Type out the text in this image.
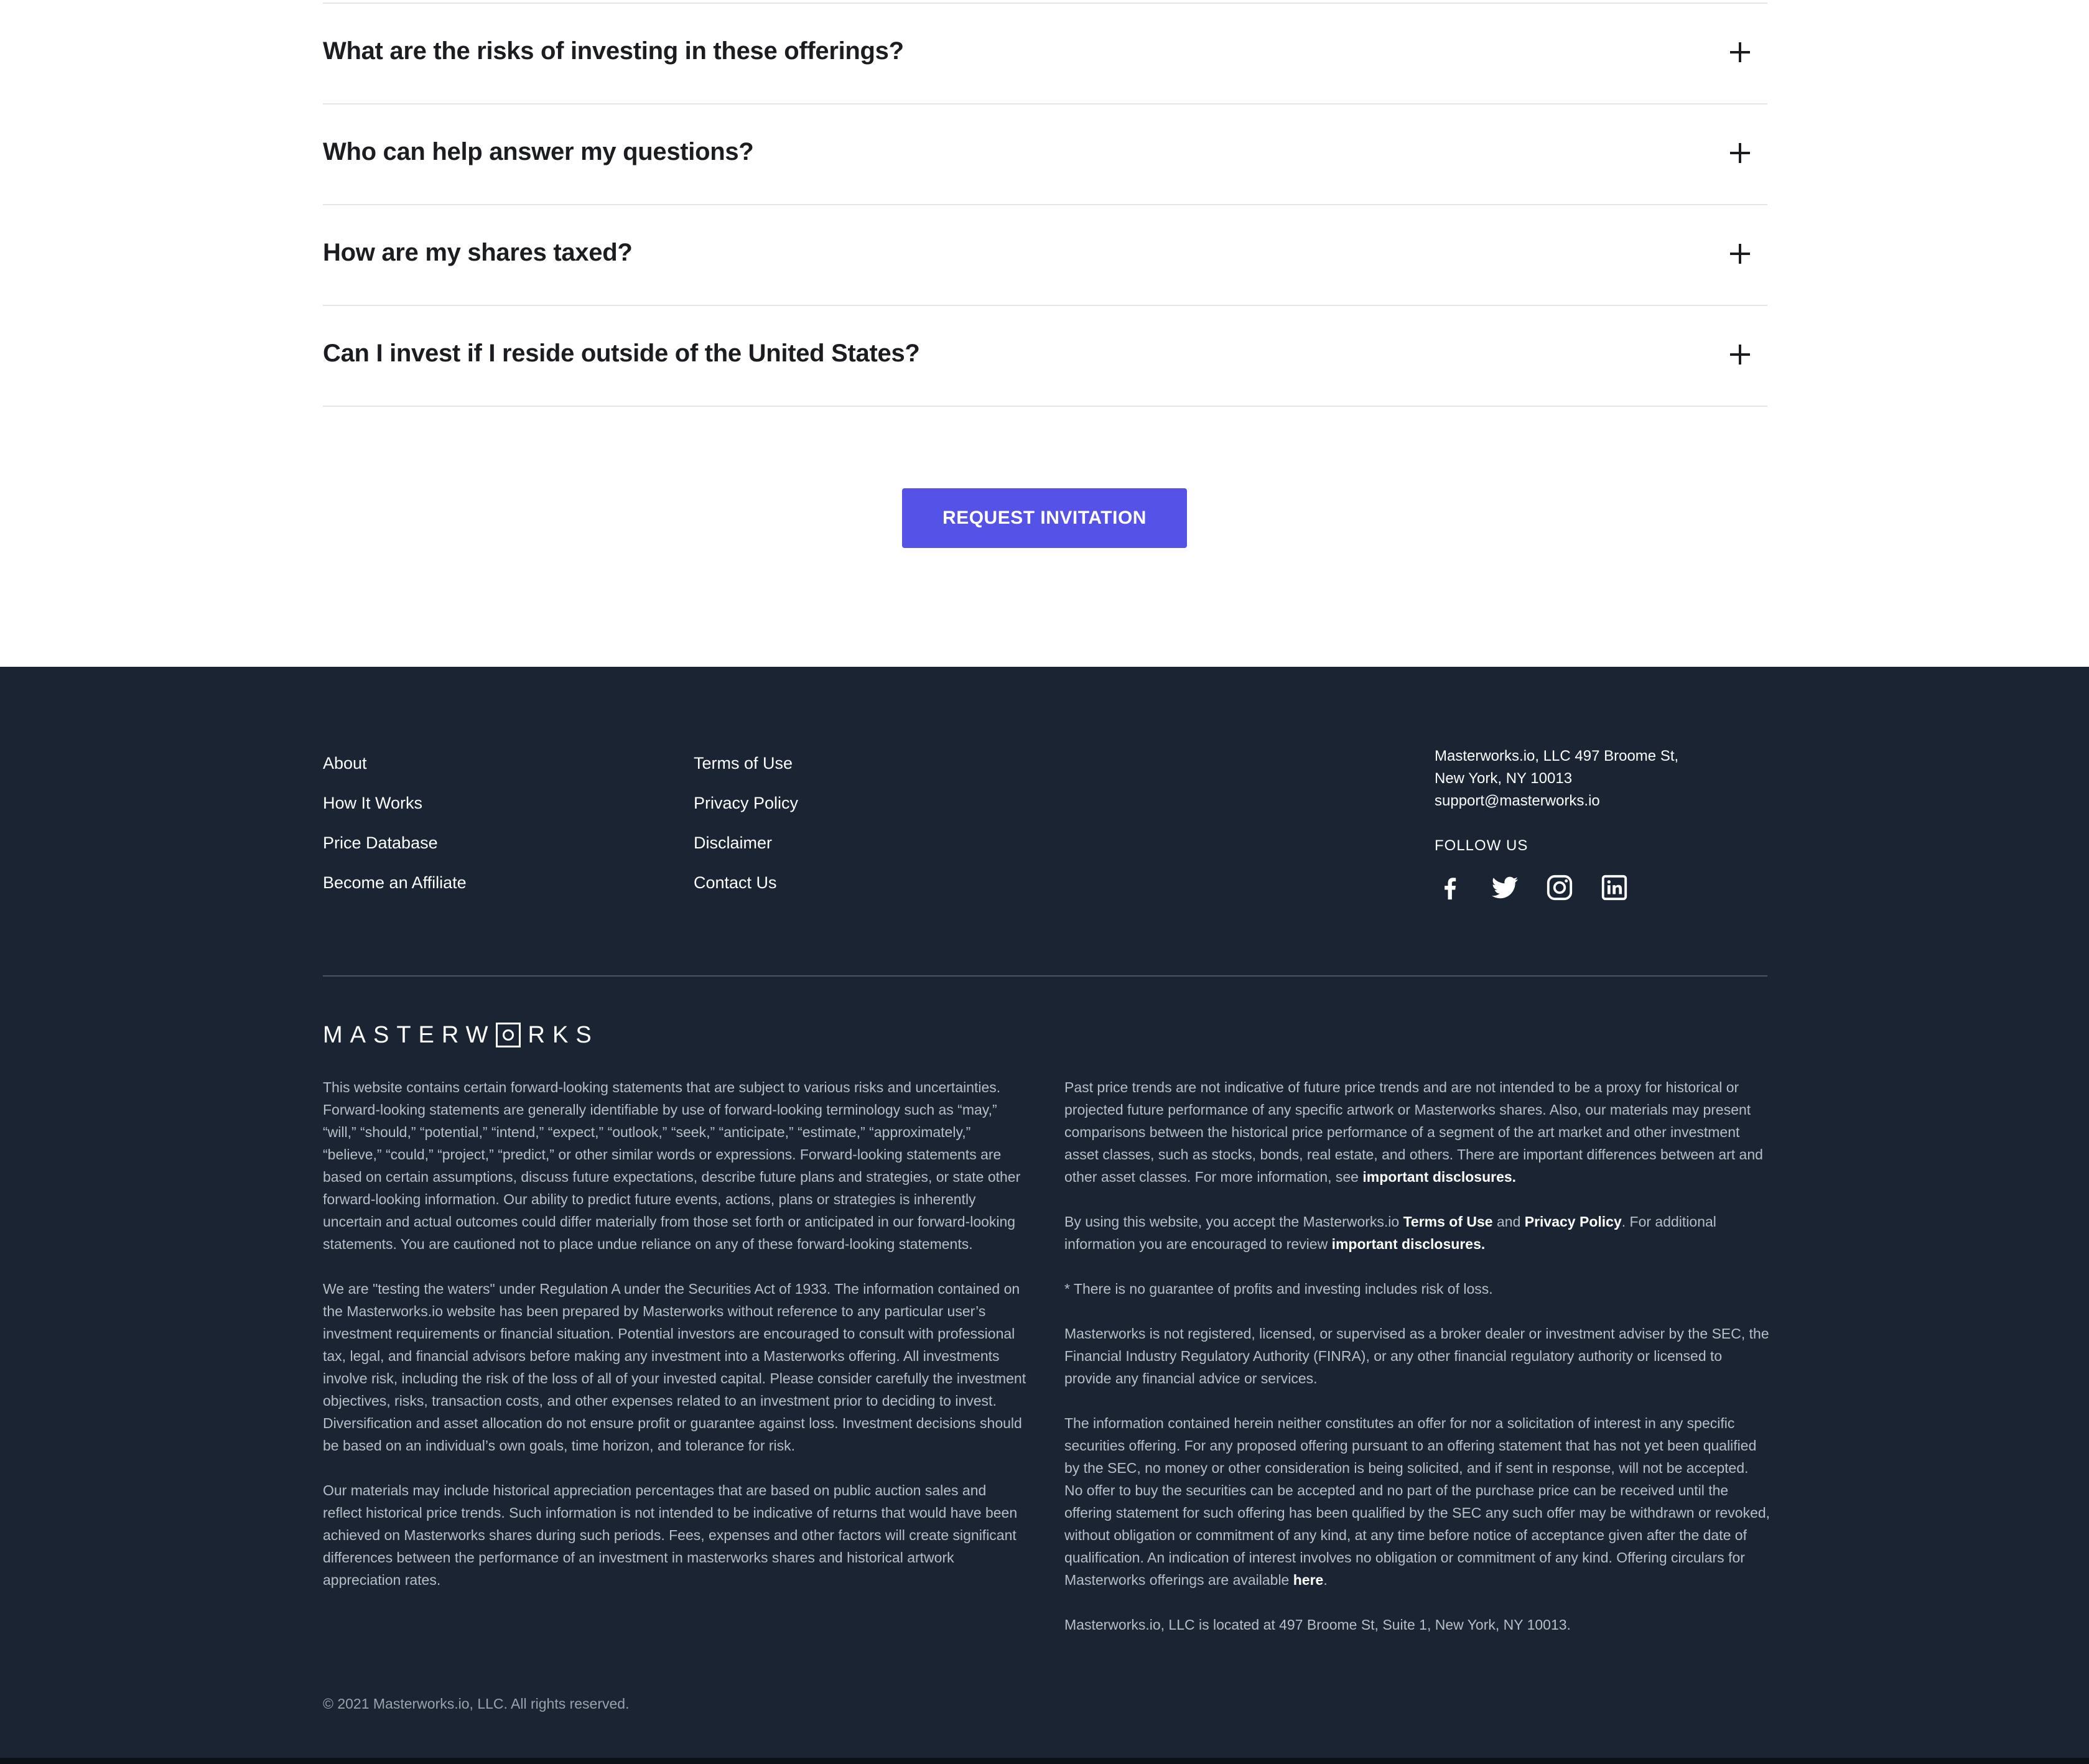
What are the risks of investing in these offerings?
Who can help answer my questions?
How are my shares taxed?
Can I invest if I reside outside of the United States?
REQUEST INVITATION
About
How It Works
Price Database
Become an Affiliate
Terms of Use
Privacy Policy
Disclaimer
Contact Us
Masterworks.io, LLC 497 Broome St,
New York, NY 10013
support@masterworks.io
FOLLOW US
MASTERW RKS

This website contains certain forward-looking statements that are subject to various risks and uncertainties. Forward-looking statements are generally identifiable by use of forward-looking terminology such as “may,” “will,” “should,” “potential,” “intend,” “expect,” “outlook,” “seek,” “anticipate,” “estimate,” “approximately,” “believe,” “could,” “project,” “predict,” or other similar words or expressions. Forward-looking statements are based on certain assumptions, discuss future expectations, describe future plans and strategies, or state other forward-looking information. Our ability to predict future events, actions, plans or strategies is inherently uncertain and actual outcomes could differ materially from those set forth or anticipated in our forward-looking statements. You are cautioned not to place undue reliance on any of these forward-looking statements.

We are "testing the waters" under Regulation A under the Securities Act of 1933. The information contained on the Masterworks.io website has been prepared by Masterworks without reference to any particular user’s investment requirements or financial situation. Potential investors are encouraged to consult with professional tax, legal, and financial advisors before making any investment into a Masterworks offering. All investments involve risk, including the risk of the loss of all of your invested capital. Please consider carefully the investment objectives, risks, transaction costs, and other expenses related to an investment prior to deciding to invest. Diversification and asset allocation do not ensure profit or guarantee against loss. Investment decisions should be based on an individual’s own goals, time horizon, and tolerance for risk.

Our materials may include historical appreciation percentages that are based on public auction sales and reflect historical price trends. Such information is not intended to be indicative of returns that would have been achieved on Masterworks shares during such periods. Fees, expenses and other factors will create significant differences between the performance of an investment in masterworks shares and historical artwork appreciation rates.

Past price trends are not indicative of future price trends and are not intended to be a proxy for historical or projected future performance of any specific artwork or Masterworks shares. Also, our materials may present comparisons between the historical price performance of a segment of the art market and other investment asset classes, such as stocks, bonds, real estate, and others. There are important differences between art and other asset classes. For more information, see important disclosures.

By using this website, you accept the Masterworks.io Terms of Use and Privacy Policy. For additional information you are encouraged to review important disclosures.

* There is no guarantee of profits and investing includes risk of loss.

Masterworks is not registered, licensed, or supervised as a broker dealer or investment adviser by the SEC, the Financial Industry Regulatory Authority (FINRA), or any other financial regulatory authority or licensed to provide any financial advice or services.

The information contained herein neither constitutes an offer for nor a solicitation of interest in any specific securities offering. For any proposed offering pursuant to an offering statement that has not yet been qualified by the SEC, no money or other consideration is being solicited, and if sent in response, will not be accepted. No offer to buy the securities can be accepted and no part of the purchase price can be received until the offering statement for such offering has been qualified by the SEC any such offer may be withdrawn or revoked, without obligation or commitment of any kind, at any time before notice of acceptance given after the date of qualification. An indication of interest involves no obligation or commitment of any kind. Offering circulars for Masterworks offerings are available here.

Masterworks.io, LLC is located at 497 Broome St, Suite 1, New York, NY 10013.

© 2021 Masterworks.io, LLC. All rights reserved.
